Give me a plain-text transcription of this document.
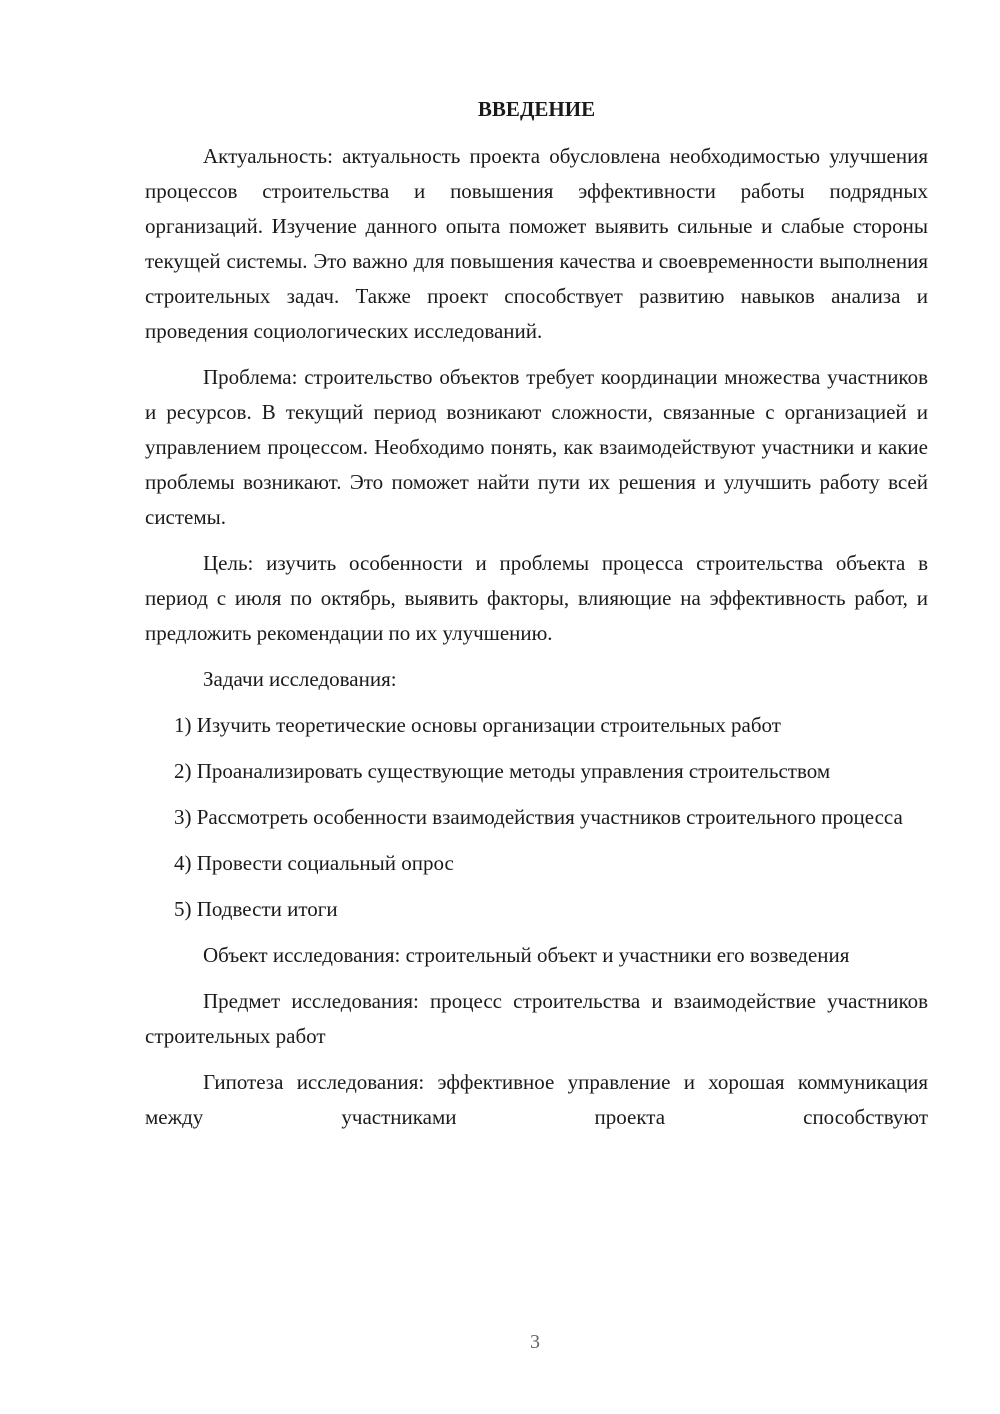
ВВЕДЕНИЕ

Актуальность: актуальность проекта обусловлена необходимостью улучшения процессов строительства и повышения эффективности работы подрядных организаций. Изучение данного опыта поможет выявить сильные и слабые стороны текущей системы. Это важно для повышения качества и своевременности выполнения строительных задач. Также проект способствует развитию навыков анализа и проведения социологических исследований.

Проблема: строительство объектов требует координации множества участников и ресурсов. В текущий период возникают сложности, связанные с организацией и управлением процессом. Необходимо понять, как взаимодействуют участники и какие проблемы возникают. Это поможет найти пути их решения и улучшить работу всей системы.

Цель: изучить особенности и проблемы процесса строительства объекта в период с июля по октябрь, выявить факторы, влияющие на эффективность работ, и предложить рекомендации по их улучшению.

Задачи исследования:

1) Изучить теоретические основы организации строительных работ

2) Проанализировать существующие методы управления строительством

3) Рассмотреть особенности взаимодействия участников строительного процесса

4) Провести социальный опрос

5) Подвести итоги

Объект исследования: строительный объект и участники его возведения

Предмет исследования: процесс строительства и взаимодействие участников строительных работ

Гипотеза исследования: эффективное управление и хорошая коммуникация между участниками проекта способствуют

3
